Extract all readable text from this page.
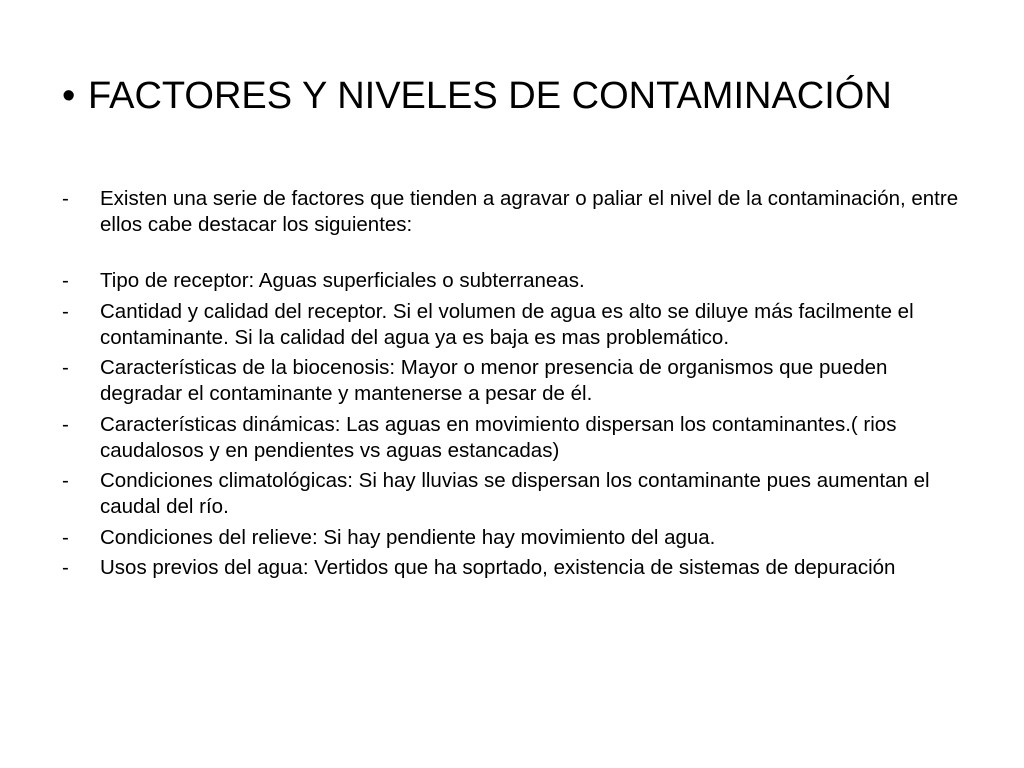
• FACTORES Y NIVELES DE CONTAMINACIÓN
-	Existen una serie de factores que tienden a agravar o paliar el nivel de la contaminación, entre ellos cabe destacar los siguientes:
-	Tipo de receptor: Aguas superficiales o subterraneas.
-	Cantidad y calidad del receptor. Si el volumen de agua es alto se diluye más facilmente el contaminante. Si la calidad del agua ya es baja es mas problemático.
-	Características de la biocenosis: Mayor o menor presencia de organismos que pueden degradar el contaminante y mantenerse a pesar de él.
-	Características dinámicas: Las aguas en movimiento dispersan los contaminantes.( rios caudalosos y en pendientes vs aguas estancadas)
-	Condiciones climatológicas: Si hay lluvias se dispersan los contaminante pues aumentan el caudal del río.
-	Condiciones del relieve: Si hay pendiente hay movimiento del agua.
-	Usos previos del agua: Vertidos que ha soprtado, existencia de sistemas de depuración
